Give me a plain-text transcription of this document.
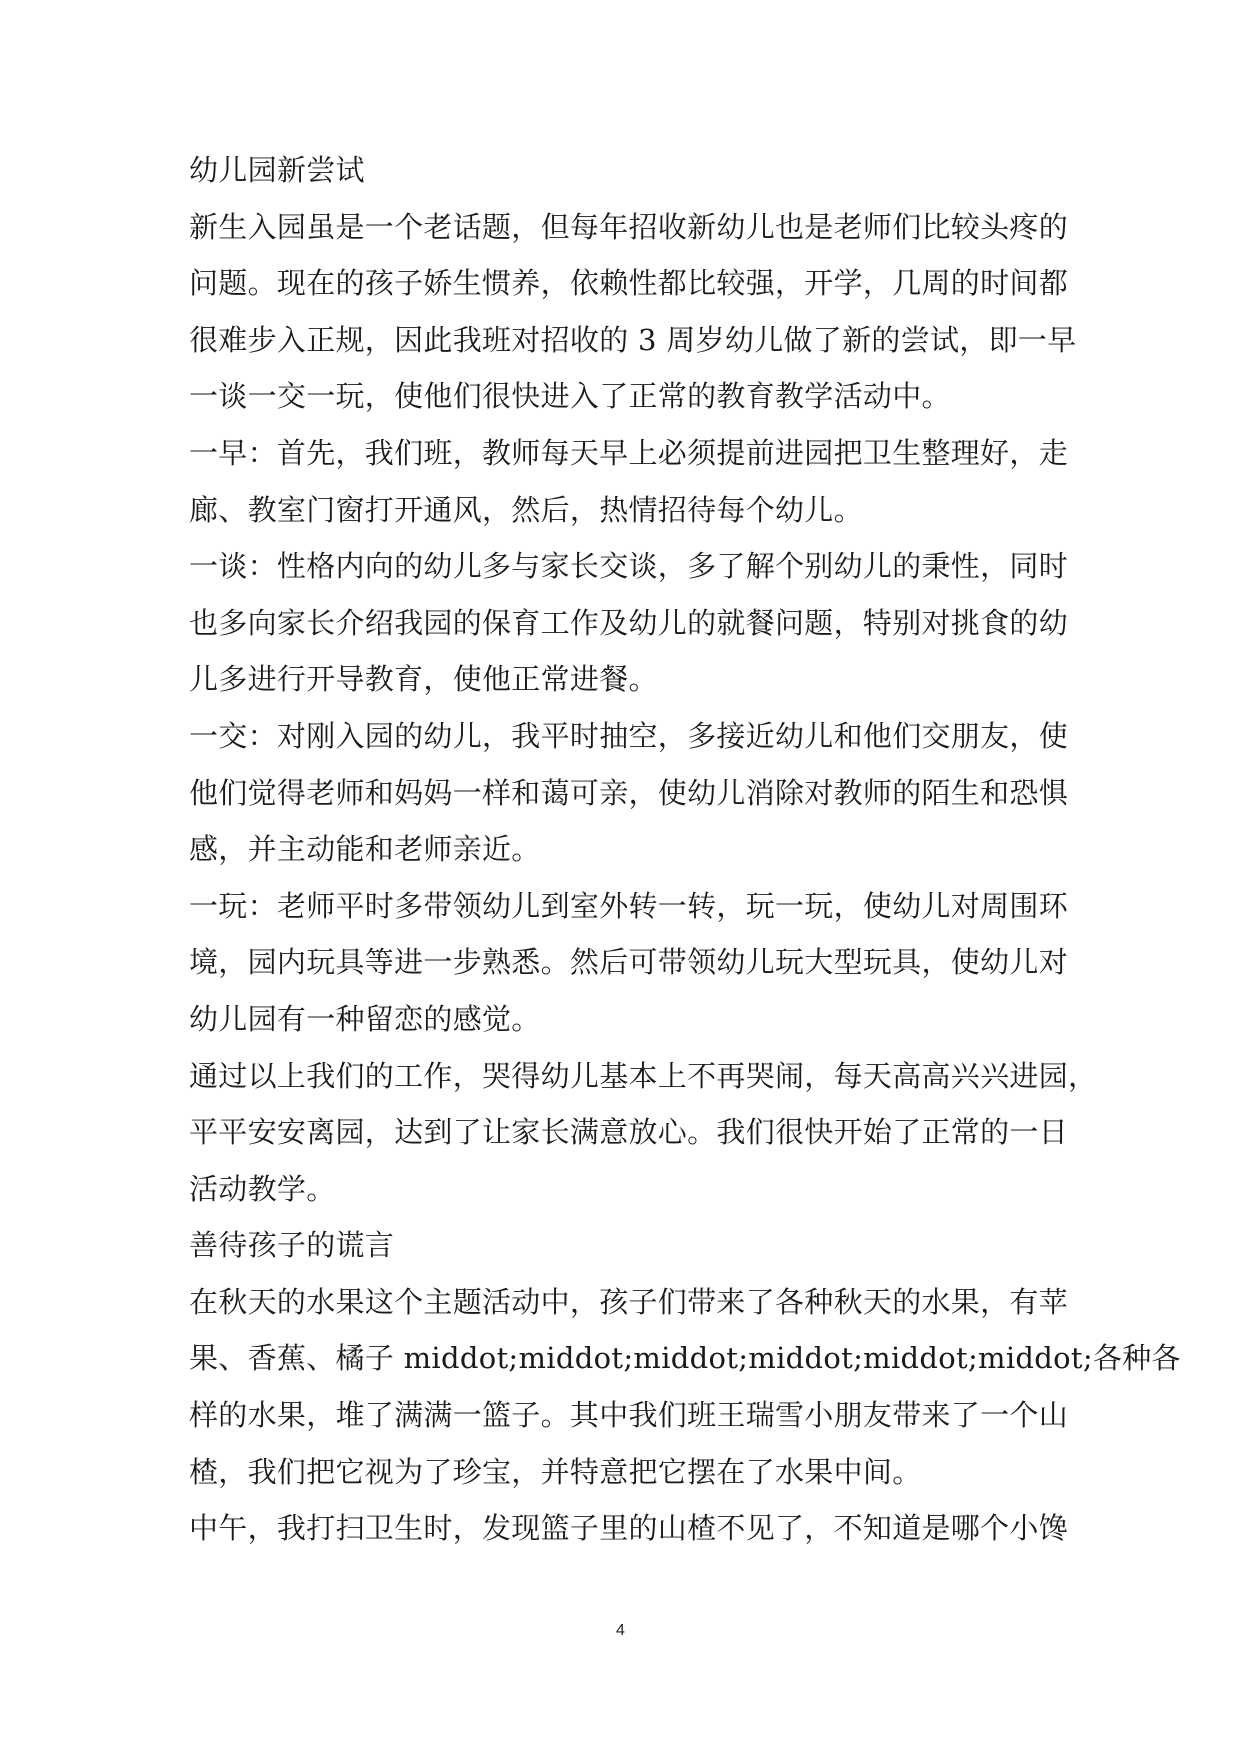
幼儿园新尝试
新生入园虽是一个老话题，但每年招收新幼儿也是老师们比较头疼的
问题。现在的孩子娇生惯养，依赖性都比较强，开学，几周的时间都
很难步入正规，因此我班对招收的 3 周岁幼儿做了新的尝试，即一早
一谈一交一玩，使他们很快进入了正常的教育教学活动中。
一早：首先，我们班，教师每天早上必须提前进园把卫生整理好，走
廊、教室门窗打开通风，然后，热情招待每个幼儿。
一谈：性格内向的幼儿多与家长交谈，多了解个别幼儿的秉性，同时
也多向家长介绍我园的保育工作及幼儿的就餐问题，特别对挑食的幼
儿多进行开导教育，使他正常进餐。
一交：对刚入园的幼儿，我平时抽空，多接近幼儿和他们交朋友，使
他们觉得老师和妈妈一样和蔼可亲，使幼儿消除对教师的陌生和恐惧
感，并主动能和老师亲近。
一玩：老师平时多带领幼儿到室外转一转，玩一玩，使幼儿对周围环
境，园内玩具等进一步熟悉。然后可带领幼儿玩大型玩具，使幼儿对
幼儿园有一种留恋的感觉。
通过以上我们的工作，哭得幼儿基本上不再哭闹，每天高高兴兴进园，
平平安安离园，达到了让家长满意放心。我们很快开始了正常的一日
活动教学。
善待孩子的谎言
在秋天的水果这个主题活动中，孩子们带来了各种秋天的水果，有苹
果、香蕉、橘子 middot;middot;middot;middot;middot;middot;各种各
样的水果，堆了满满一篮子。其中我们班王瑞雪小朋友带来了一个山
楂，我们把它视为了珍宝，并特意把它摆在了水果中间。
中午，我打扫卫生时，发现篮子里的山楂不见了，不知道是哪个小馋
4
